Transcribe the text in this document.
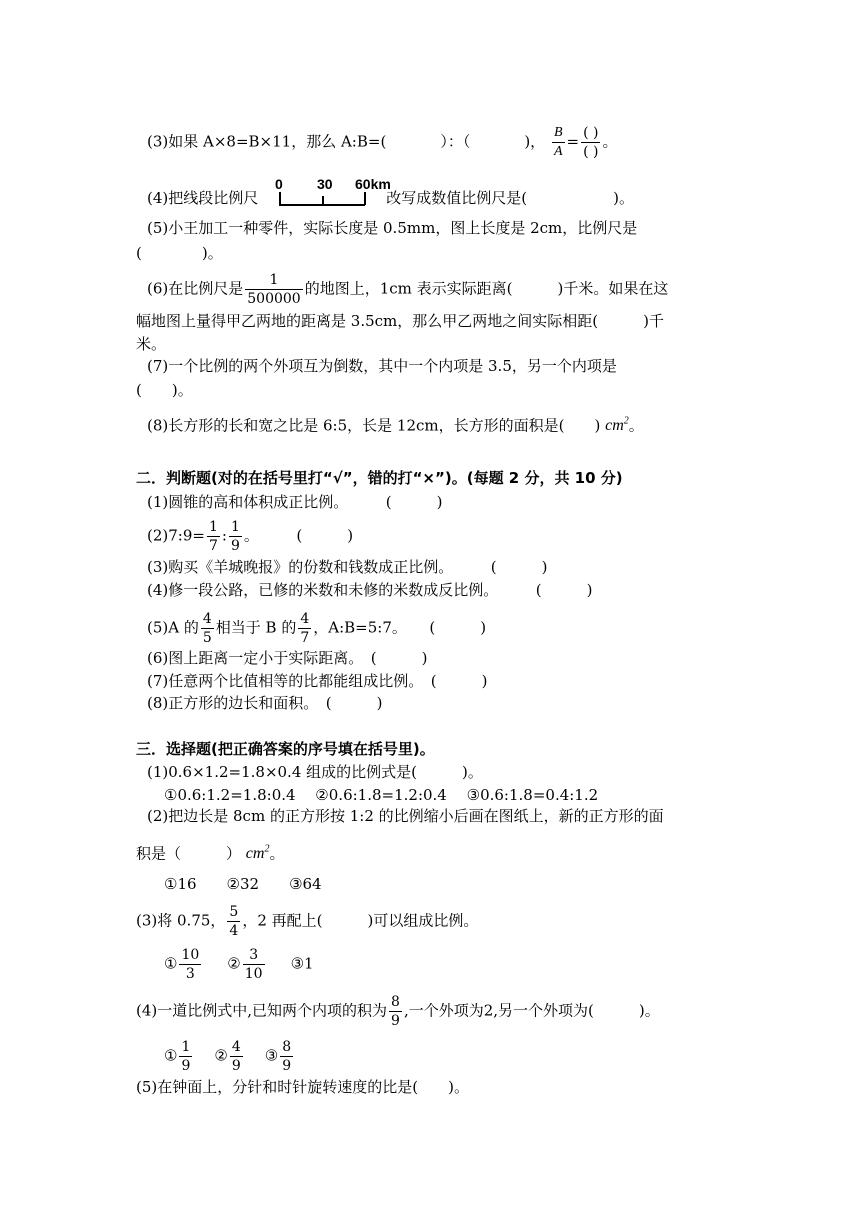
(3)如果 A×8=B×11，那么 A:B=(	）：（	)， $\frac{B}{A} = \frac{( )}{( )}$ 。
(4)把线段比例尺	改写成数值比例尺是(	)。
0 30 60km
(5)小王加工一种零件，实际长度是 0.5mm，图上长度是 2cm，比例尺是
(　　　　)。
(6)在比例尺是 $\frac{1}{500000}$ 的地图上，1cm 表示实际距离(　　　)千米。如果在这
幅地图上量得甲乙两地的距离是 3.5cm，那么甲乙两地之间实际相距(　　　)千
米。
(7)一个比例的两个外项互为倒数，其中一个内项是 3.5，另一个内项是
(　　)。
(8)长方形的长和宽之比是 6:5，长是 12cm，长方形的面积是(　　) $cm^2$。
二．判断题(对的在括号里打“√”，错的打“×”)。(每题 2 分，共 10 分)
(1)圆锥的高和体积成正比例。　　　(　　　)
(2)7:9= $\frac{1}{7}$ : $\frac{1}{9}$ 。　　　(　　　)
(3)购买《羊城晚报》的份数和钱数成正比例。　　　(　　　)
(4)修一段公路，已修的米数和未修的米数成反比例。　　　(　　　)
(5)A 的 $\frac{4}{5}$ 相当于 B 的 $\frac{4}{7}$ ，A:B=5:7。　　(　　　)
(6)图上距离一定小于实际距离。　(　　　)
(7)任意两个比值相等的比都能组成比例。　(　　　)
(8)正方形的边长和面积。　(　　　)
三．选择题(把正确答案的序号填在括号里)。
(1)0.6×1.2=1.8×0.4 组成的比例式是(　　　)。
①0.6:1.2=1.8:0.4　 ②0.6:1.8=1.2:0.4　 ③0.6:1.8=0.4:1.2
(2)把边长是 8cm 的正方形按 1:2 的比例缩小后画在图纸上，新的正方形的面
积是（　　　） $cm^2$。
①16　　②32　　③64
(3)将 0.75， $\frac{5}{4}$ ，2 再配上(　　　)可以组成比例。
① $\frac{10}{3}$ ② $\frac{3}{10}$ ③1
(4)一道比例式中,已知两个内项的积为 $\frac{8}{9}$ ,一个外项为2,另一个外项为(　　　)。
① $\frac{1}{9}$ ② $\frac{4}{9}$ ③ $\frac{8}{9}$
(5)在钟面上，分针和时针旋转速度的比是(　　)。
